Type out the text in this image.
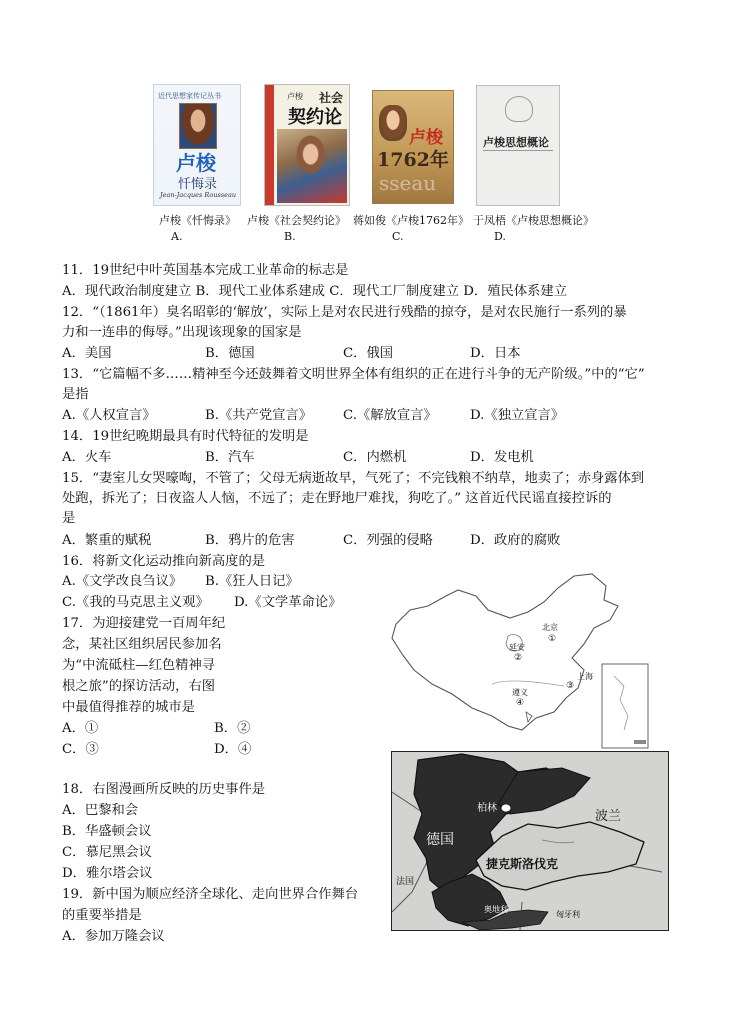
近代思想家传记丛书
卢梭
忏悔录
Jean-Jacques Rousseau
卢梭 社会
契约论
卢梭
1762年
sseau
卢梭思想概论
卢梭《忏悔录》 卢梭《社会契约论》 蒋如俊《卢梭1762年》 于凤梧《卢梭思想概论》
A.	B.	C.	D.
11．19世纪中叶英国基本完成工业革命的标志是
A．现代政治制度建立 B．现代工业体系建成 C．现代工厂制度建立 D．殖民体系建立
12．“（1861年）臭名昭彰的‘解放’，实际上是对农民进行残酷的掠夺，是对农民施行一系列的暴
力和一连串的侮辱。”出现该现象的国家是
A．美国	B．德国	C．俄国	D．日本
13．“它篇幅不多……精神至今还鼓舞着文明世界全体有组织的正在进行斗争的无产阶级。”中的“它”
是指
A.《人权宣言》	B.《共产党宣言》 C.《解放宣言》	D.《独立宣言》
14．19世纪晚期最具有时代特征的发明是
A．火车	B．汽车	C．内燃机	D．发电机
15．“妻室儿女哭嚎啕，不管了；父母无病逝故早，气死了；不完钱粮不纳草，地卖了；赤身露体到
处跑，拆光了；日夜盗人人恼，不远了；走在野地尸难找，狗吃了。” 这首近代民谣直接控诉的
是
A．繁重的赋税	B．鸦片的危害	C．列强的侵略	D．政府的腐败
16．将新文化运动推向新高度的是
A.《文学改良刍议》 B.《狂人日记》
C.《我的马克思主义观》 D.《文学革命论》
17．为迎接建党一百周年纪
念，某社区组织居民参加名
为“中流砥柱—红色精神寻
根之旅”的探访活动，右图
中最值得推荐的城市是
A．①	B．②
C．③	D．④
18．右图漫画所反映的历史事件是
A．巴黎和会
B．华盛顿会议
C．慕尼黑会议
D．雅尔塔会议
19．新中国为顺应经济全球化、走向世界合作舞台
的重要举措是
A．参加万隆会议
北京
①
延安
②
上海
③
遵义
④
柏林
波兰
德国
捷克斯洛伐克
法国
奥地利
匈牙利
